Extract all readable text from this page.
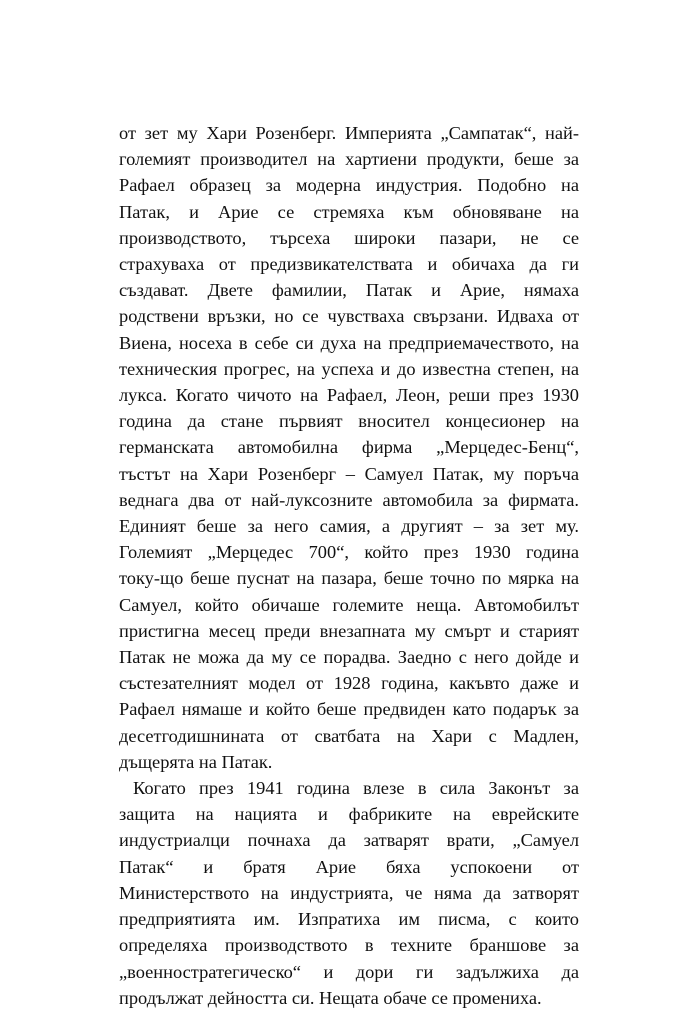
от зет му Хари Розенберг. Империята „Сампатак“, най-
големият производител на хартиени продукти, беше за
Рафаел образец за модерна индустрия. Подобно на
Патак, и Арие се стремяха към обновяване на
производството, търсеха широки пазари, не се
страхуваха от предизвикателствата и обичаха да ги
създават. Двете фамилии, Патак и Арие, нямаха
родствени връзки, но се чувстваха свързани. Идваха от
Виена, носеха в себе си духа на предприемачеството, на
техническия прогрес, на успеха и до известна степен, на
лукса. Когато чичото на Рафаел, Леон, реши през 1930
година да стане първият вносител концесионер на
германската автомобилна фирма „Мерцедес-Бенц“,
тъстът на Хари Розенберг – Самуел Патак, му поръча
веднага два от най-луксозните автомобила за фирмата.
Единият беше за него самия, а другият – за зет му.
Големият „Мерцедес 700“, който през 1930 година
току-що беше пуснат на пазара, беше точно по мярка на
Самуел, който обичаше големите неща. Автомобилът
пристигна месец преди внезапната му смърт и старият
Патак не можа да му се порадва. Заедно с него дойде и
състезателният модел от 1928 година, какъвто даже и
Рафаел нямаше и който беше предвиден като подарък за
десетгодишнината от сватбата на Хари с Мадлен,
дъщерята на Патак.
Когато през 1941 година влезе в сила Законът за
защита на нацията и фабриките на еврейските
индустриалци почнаха да затварят врати, „Самуел
Патак“ и братя Арие бяха успокоени от
Министерството на индустрията, че няма да затворят
предприятията им. Изпратиха им писма, с които
определяха производството в техните браншове за
„военностратегическо“ и дори ги задължиха да
продължат дейността си. Нещата обаче се промениха.
